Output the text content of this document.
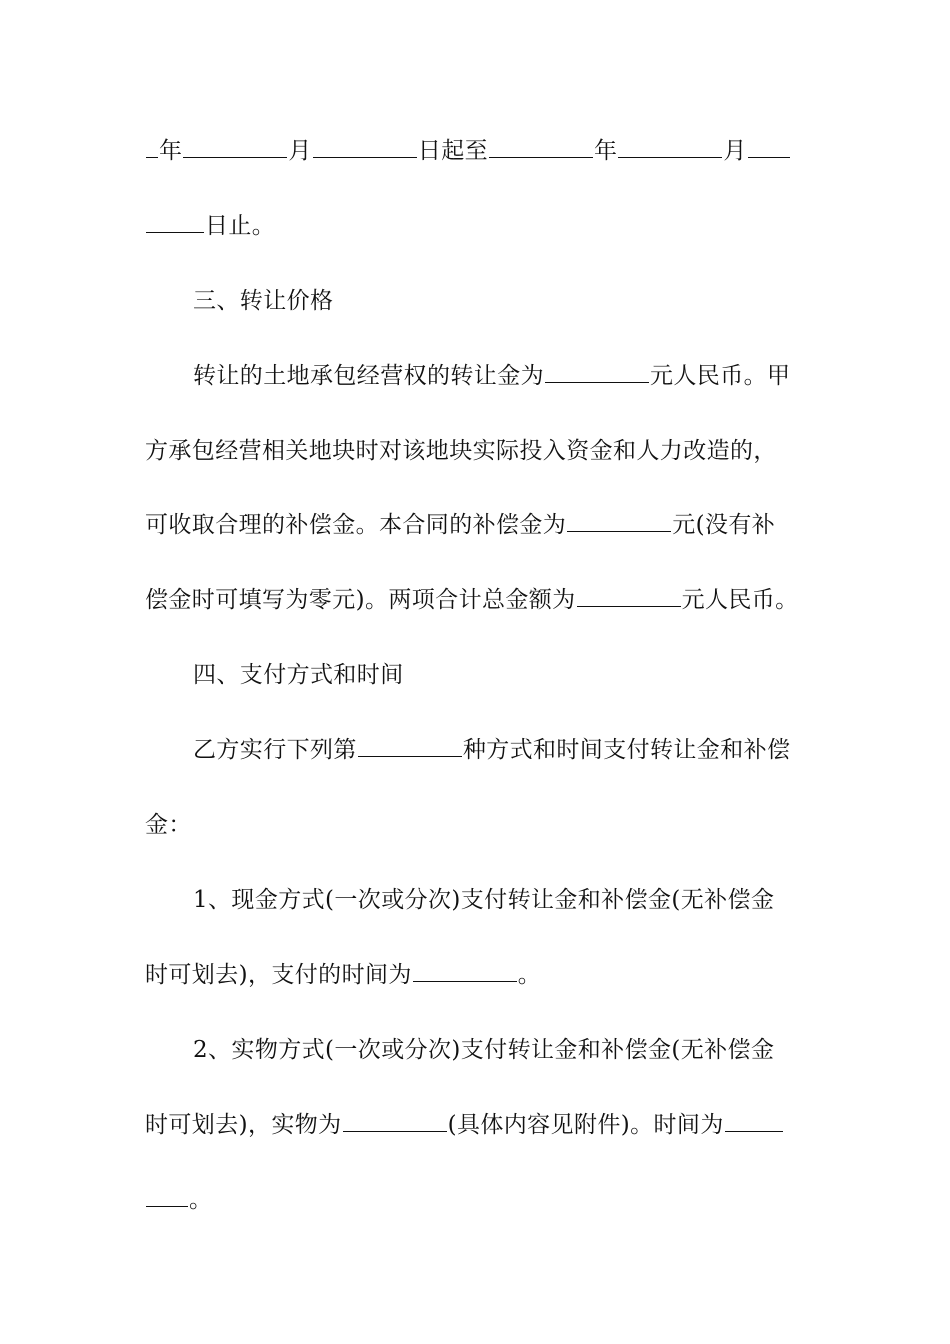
年	月	日起至	年	月
日止。
三、转让价格
转让的土地承包经营权的转让金为	元人民币。甲
方承包经营相关地块时对该地块实际投入资金和人力改造的，
可收取合理的补偿金。本合同的补偿金为	元(没有补
偿金时可填写为零元)。两项合计总金额为	元人民币。
四、支付方式和时间
乙方实行下列第	种方式和时间支付转让金和补偿
金：
1、现金方式(一次或分次)支付转让金和补偿金(无补偿金
时可划去)，支付的时间为	。
2、实物方式(一次或分次)支付转让金和补偿金(无补偿金
时可划去)，实物为	(具体内容见附件)。时间为
。
